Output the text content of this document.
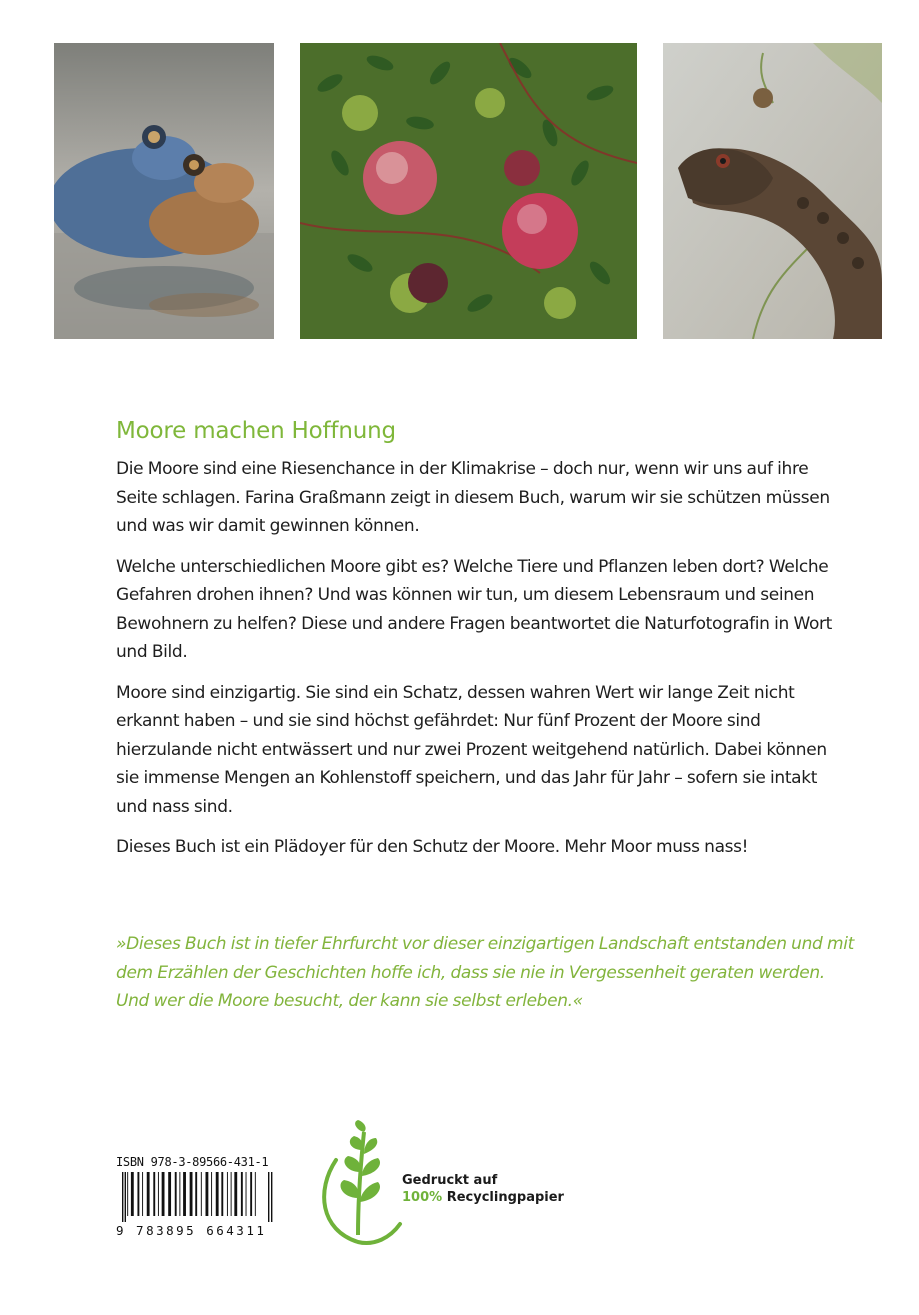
Moore machen Hoffnung

Die Moore sind eine Riesenchance in der Klimakrise – doch nur, wenn wir uns auf ihre Seite schlagen. Farina Graßmann zeigt in diesem Buch, warum wir sie schützen müssen und was wir damit gewinnen können.

Welche unterschiedlichen Moore gibt es? Welche Tiere und Pflanzen leben dort? Welche Gefahren drohen ihnen? Und was können wir tun, um diesem Lebensraum und seinen Bewohnern zu helfen? Diese und andere Fragen beantwortet die Naturfotografin in Wort und Bild.

Moore sind einzigartig. Sie sind ein Schatz, dessen wahren Wert wir lange Zeit nicht erkannt haben – und sie sind höchst gefährdet: Nur fünf Prozent der Moore sind hierzulande nicht entwässert und nur zwei Prozent weitgehend natürlich. Dabei können sie immense Mengen an Kohlenstoff speichern, und das Jahr für Jahr – sofern sie intakt und nass sind.

Dieses Buch ist ein Plädoyer für den Schutz der Moore. Mehr Moor muss nass!

»Dieses Buch ist in tiefer Ehrfurcht vor dieser einzigartigen Landschaft entstanden und mit dem Erzählen der Geschichten hoffe ich, dass sie nie in Vergessenheit geraten werden. Und wer die Moore besucht, der kann sie selbst erleben.«
ISBN 978-3-89566-431-1
9 783895 664311
Gedruckt auf
100% Recyclingpapier
